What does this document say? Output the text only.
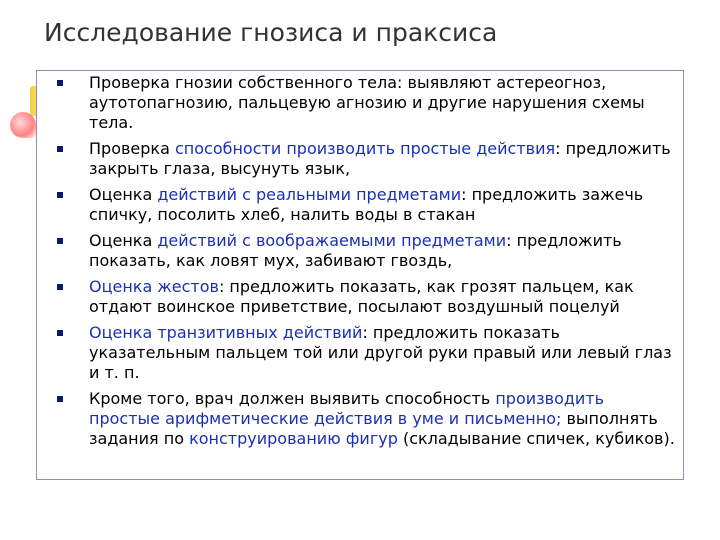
Исследование гнозиса и праксиса
Проверка гнозии собственного тела: выявляют астереогноз, аутотопагнозию, пальцевую агнозию и другие нарушения схемы тела.
Проверка способности производить простые действия: предложить закрыть глаза, высунуть язык,
Оценка действий с реальными предметами: предложить зажечь спичку, посолить хлеб, налить воды в стакан
Оценка действий с воображаемыми предметами: предложить показать, как ловят мух, забивают гвоздь,
Оценка жестов: предложить показать, как грозят пальцем, как отдают воинское приветствие, посылают воздушный поцелуй
Оценка транзитивных действий: предложить показать указательным пальцем той или другой руки правый или левый глаз и т. п.
Кроме того, врач должен выявить способность производить простые арифметические действия в уме и письменно; выполнять задания по конструированию фигур (складывание спичек, кубиков).
